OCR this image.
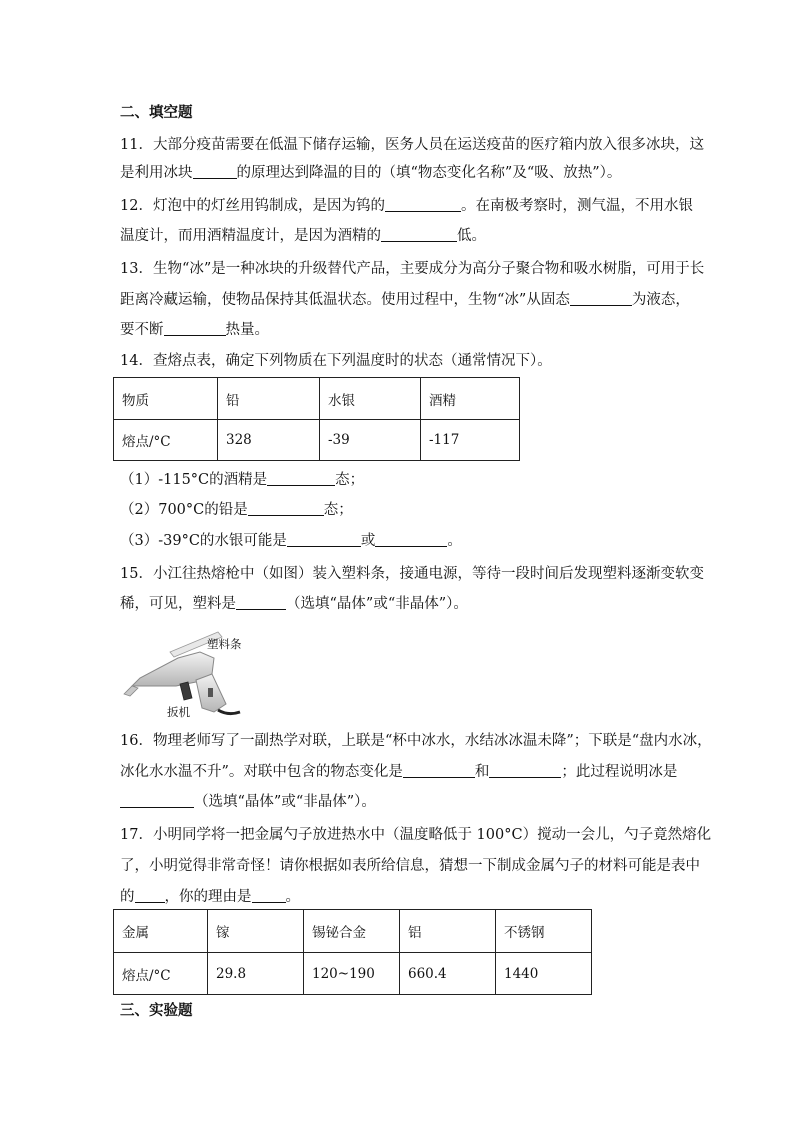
二、填空题
11．大部分疫苗需要在低温下储存运输，医务人员在运送疫苗的医疗箱内放入很多冰块，这
是利用冰块	的原理达到降温的目的（填“物态变化名称”及“吸、放热”）。
12．灯泡中的灯丝用钨制成，是因为钨的	。在南极考察时，测气温，不用水银
温度计，而用酒精温度计，是因为酒精的	低。
13．生物“冰”是一种冰块的升级替代产品，主要成分为高分子聚合物和吸水树脂，可用于长
距离冷藏运输，使物品保持其低温状态。使用过程中，生物“冰”从固态	为液态，
要不断	热量。
14．查熔点表，确定下列物质在下列温度时的状态（通常情况下）。
物质	铅	水银	酒精
熔点/°C	328	-39	-117
（1）-115°C的酒精是	态；
（2）700°C的铅是	态；
（3）-39°C的水银可能是	或	。
15．小江往热熔枪中（如图）装入塑料条，接通电源，等待一段时间后发现塑料逐渐变软变
稀，可见，塑料是	（选填“晶体”或“非晶体”）。
塑料条
扳机
16．物理老师写了一副热学对联，上联是“杯中冰水，水结冰冰温未降”；下联是“盘内水冰，
冰化水水温不升”。对联中包含的物态变化是	和	；此过程说明冰是
（选填“晶体”或“非晶体”）。
17．小明同学将一把金属勺子放进热水中（温度略低于 100°C）搅动一会儿，勺子竟然熔化
了，小明觉得非常奇怪！请你根据如表所给信息，猜想一下制成金属勺子的材料可能是表中
的 ，你的理由是 。
金属	镓	锡铋合金	铝	不锈钢
熔点/°C	29.8	120~190	660.4	1440
三、实验题
